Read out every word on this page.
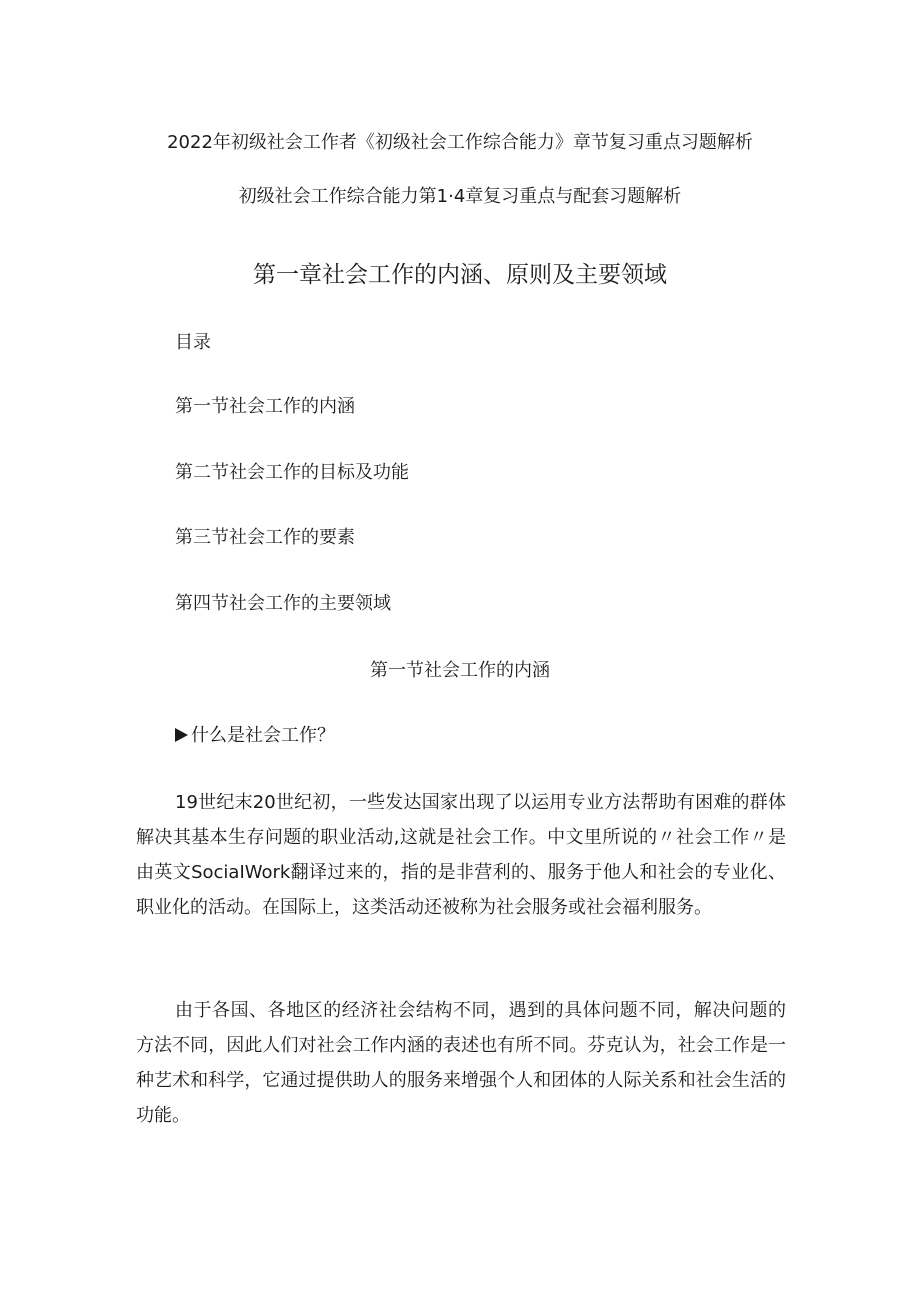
2022年初级社会工作者《初级社会工作综合能力》章节复习重点习题解析
初级社会工作综合能力第1·4章复习重点与配套习题解析
第一章社会工作的内涵、原则及主要领域
目录
第一节社会工作的内涵
第二节社会工作的目标及功能
第三节社会工作的要素
第四节社会工作的主要领域
第一节社会工作的内涵
什么是社会工作？

19世纪末20世纪初，一些发达国家出现了以运用专业方法帮助有困难的群体解决其基本生存问题的职业活动,这就是社会工作。中文里所说的〃社会工作〃是由英文SociaIWork翻译过来的，指的是非营利的、服务于他人和社会的专业化、职业化的活动。在国际上，这类活动还被称为社会服务或社会福利服务。

由于各国、各地区的经济社会结构不同，遇到的具体问题不同，解决问题的方法不同，因此人们对社会工作内涵的表述也有所不同。芬克认为，社会工作是一种艺术和科学，它通过提供助人的服务来增强个人和团体的人际关系和社会生活的功能。
